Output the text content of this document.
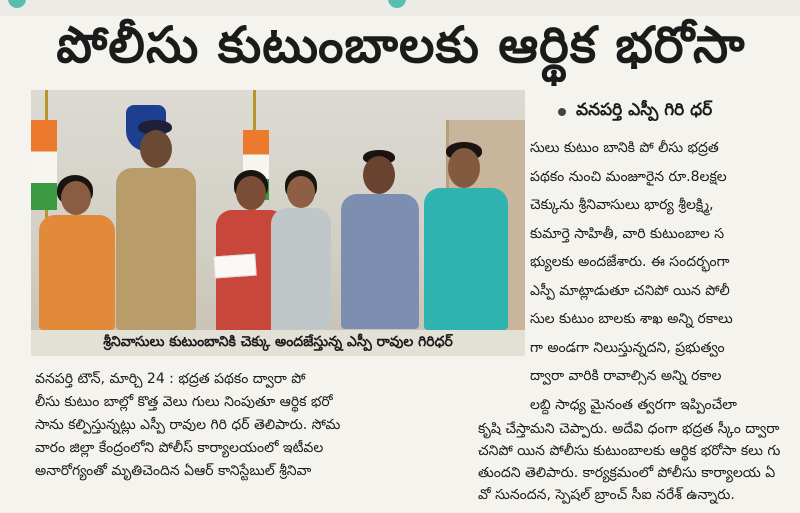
పోలీసు కుటుంబాలకు ఆర్థిక భరోసా
శ్రీనివాసులు కుటుంబానికి చెక్కు అందజేస్తున్న ఎస్పీ రావుల గిరిధర్
వనపర్తి ఎస్పీ గిరి ధర్
సులు కుటుం బానికి పో లీసు భద్రత
పథకం నుంచి మంజూరైన రూ.8లక్షల
చెక్కును శ్రీనివాసులు భార్య శ్రీలక్ష్మి,
కుమార్తె సాహితీ, వారి కుటుంబాల స
భ్యులకు అందజేశారు. ఈ సందర్భంగా
ఎస్పీ మాట్లాడుతూ చనిపో యిన పోలీ
సుల కుటుం బాలకు శాఖ అన్ని రకాలు
గా అండగా నిలుస్తున్నదని, ప్రభుత్వం
ద్వారా వారికి రావాల్సిన అన్ని రకాల
లబ్ది సాధ్య మైనంత త్వరగా ఇప్పించేలా
కృషి చేస్తామని చెప్పారు. అదేవి ధంగా భద్రత స్కీం ద్వారా
చనిపో యిన పోలీసు కుటుంబాలకు ఆర్థిక భరోసా కలు గు
తుందని తెలిపారు. కార్యక్రమంలో పోలీసు కార్యాలయ ఏ
వో సునందన, స్పెషల్ బ్రాంచ్ సీఐ నరేశ్ ఉన్నారు.
వనపర్తి టౌన్, మార్చి 24 : భద్రత పథకం ద్వారా పో
లీసు కుటుం బాల్లో కొత్త వెలు గులు నింపుతూ ఆర్థిక భరో
సాను కల్పిస్తున్నట్లు ఎస్పీ రావుల గిరి ధర్ తెలిపారు. సోమ
వారం జిల్లా కేంద్రంలోని పోలీస్ కార్యాలయంలో ఇటీవల
అనారోగ్యంతో మృతిచెందిన ఏఆర్ కానిస్టేబుల్ శ్రీనివా
